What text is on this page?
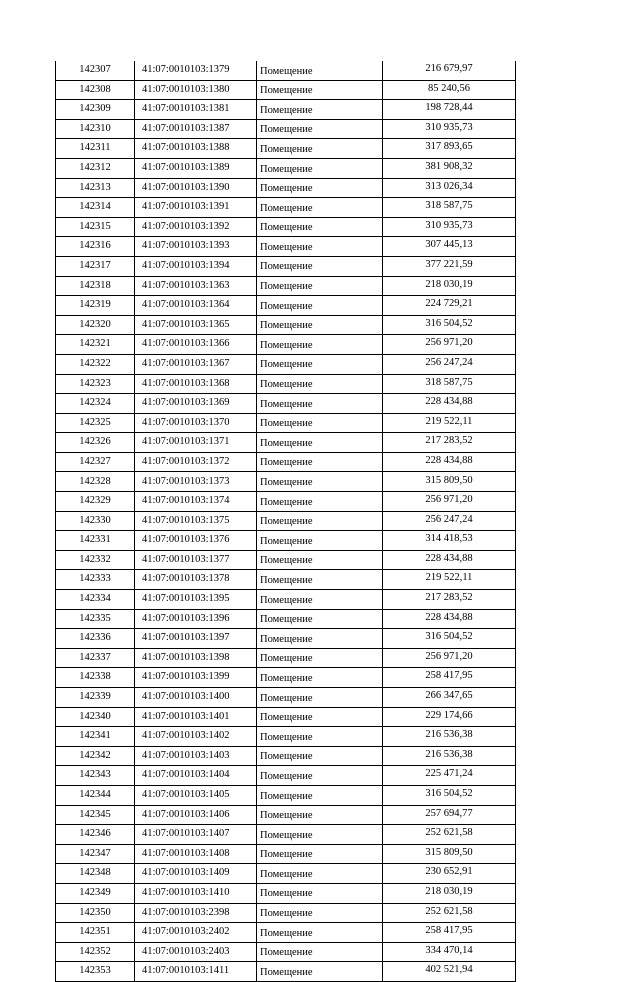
142307	41:07:0010103:1379	Помещение	216 679,97
142308	41:07:0010103:1380	Помещение	85 240,56
142309	41:07:0010103:1381	Помещение	198 728,44
142310	41:07:0010103:1387	Помещение	310 935,73
142311	41:07:0010103:1388	Помещение	317 893,65
142312	41:07:0010103:1389	Помещение	381 908,32
142313	41:07:0010103:1390	Помещение	313 026,34
142314	41:07:0010103:1391	Помещение	318 587,75
142315	41:07:0010103:1392	Помещение	310 935,73
142316	41:07:0010103:1393	Помещение	307 445,13
142317	41:07:0010103:1394	Помещение	377 221,59
142318	41:07:0010103:1363	Помещение	218 030,19
142319	41:07:0010103:1364	Помещение	224 729,21
142320	41:07:0010103:1365	Помещение	316 504,52
142321	41:07:0010103:1366	Помещение	256 971,20
142322	41:07:0010103:1367	Помещение	256 247,24
142323	41:07:0010103:1368	Помещение	318 587,75
142324	41:07:0010103:1369	Помещение	228 434,88
142325	41:07:0010103:1370	Помещение	219 522,11
142326	41:07:0010103:1371	Помещение	217 283,52
142327	41:07:0010103:1372	Помещение	228 434,88
142328	41:07:0010103:1373	Помещение	315 809,50
142329	41:07:0010103:1374	Помещение	256 971,20
142330	41:07:0010103:1375	Помещение	256 247,24
142331	41:07:0010103:1376	Помещение	314 418,53
142332	41:07:0010103:1377	Помещение	228 434,88
142333	41:07:0010103:1378	Помещение	219 522,11
142334	41:07:0010103:1395	Помещение	217 283,52
142335	41:07:0010103:1396	Помещение	228 434,88
142336	41:07:0010103:1397	Помещение	316 504,52
142337	41:07:0010103:1398	Помещение	256 971,20
142338	41:07:0010103:1399	Помещение	258 417,95
142339	41:07:0010103:1400	Помещение	266 347,65
142340	41:07:0010103:1401	Помещение	229 174,66
142341	41:07:0010103:1402	Помещение	216 536,38
142342	41:07:0010103:1403	Помещение	216 536,38
142343	41:07:0010103:1404	Помещение	225 471,24
142344	41:07:0010103:1405	Помещение	316 504,52
142345	41:07:0010103:1406	Помещение	257 694,77
142346	41:07:0010103:1407	Помещение	252 621,58
142347	41:07:0010103:1408	Помещение	315 809,50
142348	41:07:0010103:1409	Помещение	230 652,91
142349	41:07:0010103:1410	Помещение	218 030,19
142350	41:07:0010103:2398	Помещение	252 621,58
142351	41:07:0010103:2402	Помещение	258 417,95
142352	41:07:0010103:2403	Помещение	334 470,14
142353	41:07:0010103:1411	Помещение	402 521,94
